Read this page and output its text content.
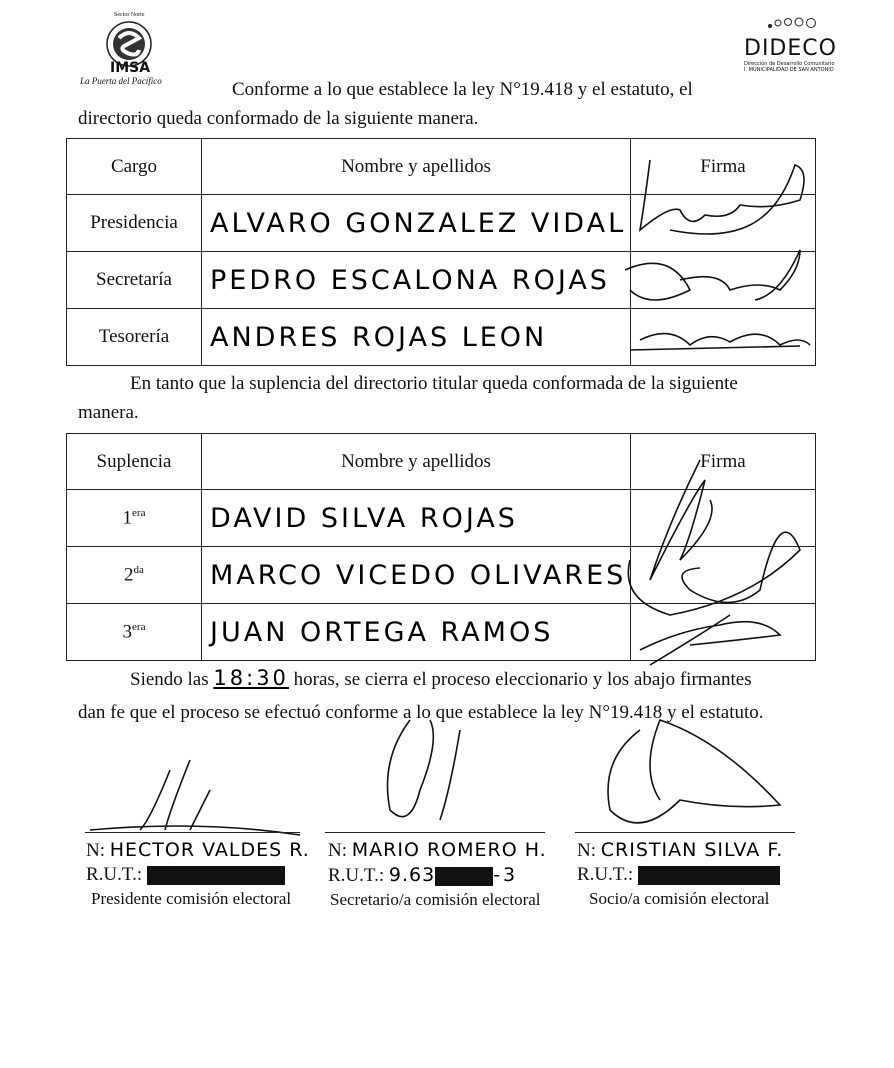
IMSA
La Puerta del Pacífico
Sector Norte
DIDECO
Dirección de Desarrollo Comunitario
I. MUNICIPALIDAD DE SAN ANTONIO
Conforme a lo que establece la ley N°19.418 y el estatuto, el
directorio queda conformado de la siguiente manera.
Cargo	Nombre y apellidos	Firma
Presidencia	ALVARO GONZALEZ VIDAL	
Secretaría	PEDRO ESCALONA ROJAS	
Tesorería	ANDRES ROJAS LEON	
En tanto que la suplencia del directorio titular queda conformada de la siguiente
manera.
Suplencia	Nombre y apellidos	Firma
$1^{era}$	DAVID SILVA ROJAS	
$2^{da}$	MARCO VICEDO OLIVARES	
$3^{era}$	JUAN ORTEGA RAMOS	
Siendo las 18:30 horas, se cierra el proceso eleccionario y los abajo firmantes
dan fe que el proceso se efectuó conforme a lo que establece la ley N°19.418 y el estatuto.
N: HECTOR VALDES R.
R.U.T.:
Presidente comisión electoral
N: MARIO ROMERO H.
R.U.T.: 9.63	-3
Secretario/a comisión electoral
N: CRISTIAN SILVA F.
R.U.T.:
Socio/a comisión electoral
